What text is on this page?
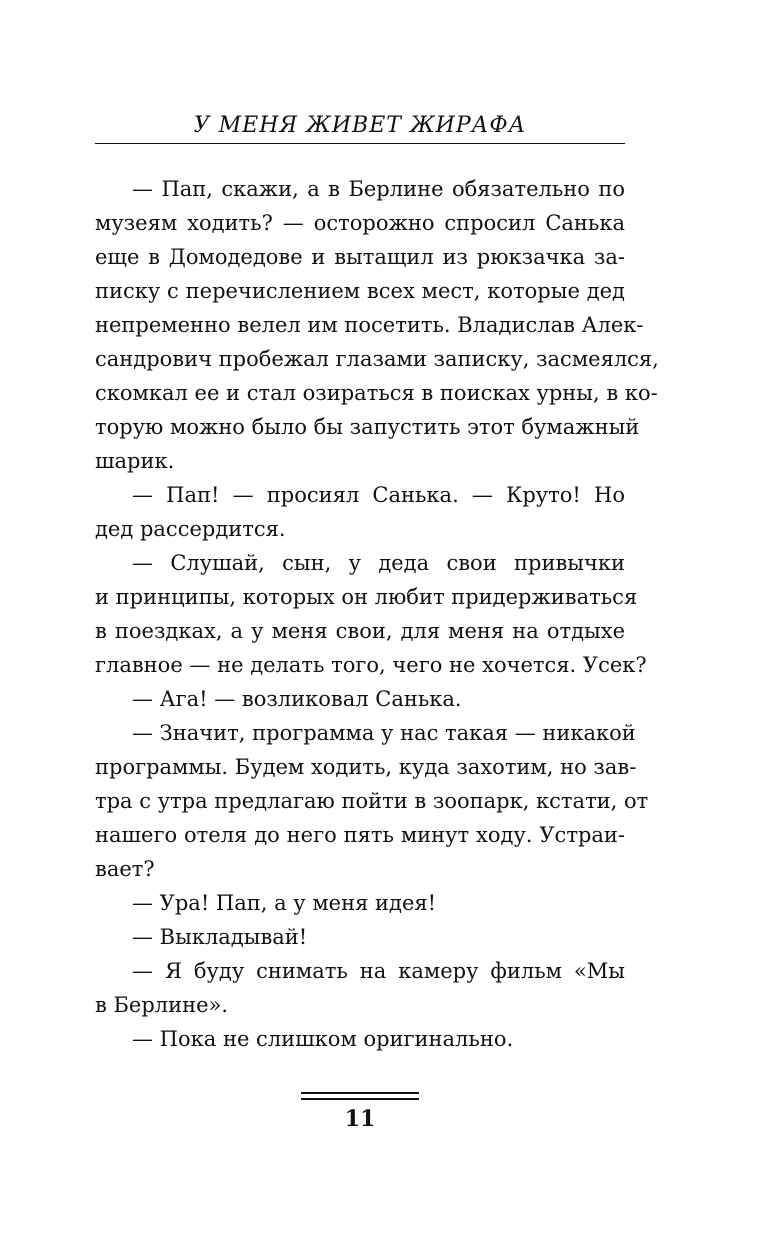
У МЕНЯ ЖИВЕТ ЖИРАФА
— Пап, скажи, а в Берлине обязательно по
музеям ходить? — осторожно спросил Санька
еще в Домодедове и вытащил из рюкзачка за-
писку с перечислением всех мест, которые дед
непременно велел им посетить. Владислав Алек-
сандрович пробежал глазами записку, засмеялся,
скомкал ее и стал озираться в поисках урны, в ко-
торую можно было бы запустить этот бумажный
шарик.
— Пап! — просиял Санька. — Круто! Но
дед рассердится.
— Слушай, сын, у деда свои привычки
и принципы, которых он любит придерживаться
в поездках, а у меня свои, для меня на отдыхе
главное — не делать того, чего не хочется. Усек?
— Ага! — возликовал Санька.
— Значит, программа у нас такая — никакой
программы. Будем ходить, куда захотим, но зав-
тра с утра предлагаю пойти в зоопарк, кстати, от
нашего отеля до него пять минут ходу. Устраи-
вает?
— Ура! Пап, а у меня идея!
— Выкладывай!
— Я буду снимать на камеру фильм «Мы
в Берлине».
— Пока не слишком оригинально.
11
